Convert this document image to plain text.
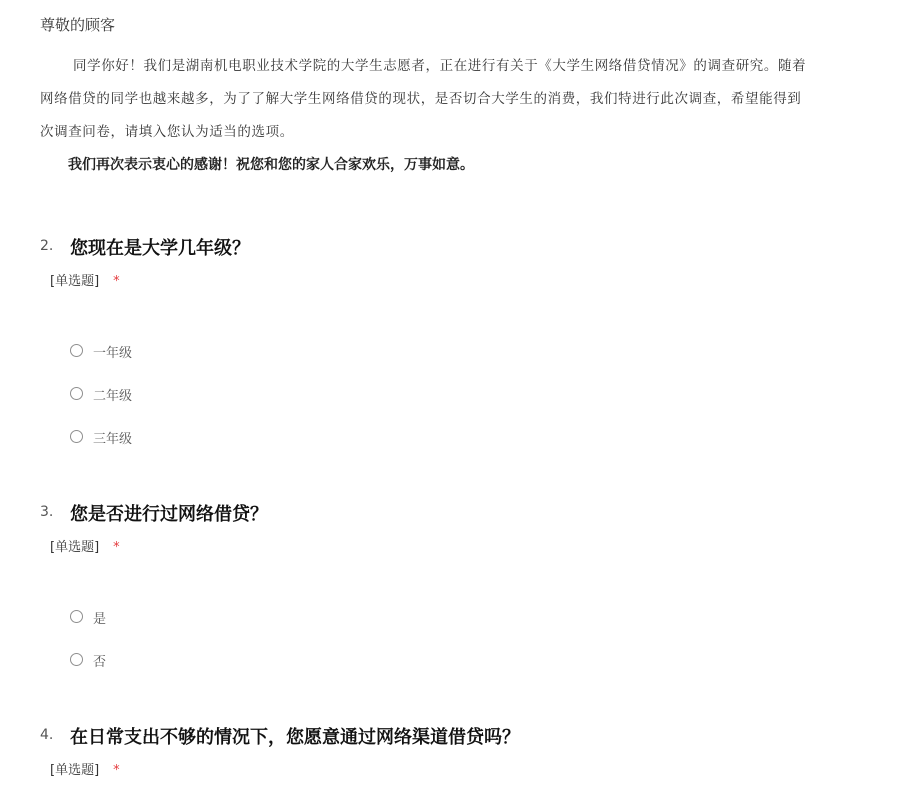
尊敬的顾客
同学你好！我们是湖南机电职业技术学院的大学生志愿者，正在进行有关于《大学生网络借贷情况》的调查研究。随着
网络借贷的同学也越来越多，为了了解大学生网络借贷的现状，是否切合大学生的消费，我们特进行此次调查，希望能得到
次调查问卷，请填入您认为适当的选项。
我们再次表示衷心的感谢！祝您和您的家人合家欢乐，万事如意。
2. 您现在是大学几年级？
[单选题] *
一年级
二年级
三年级
3. 您是否进行过网络借贷？
[单选题] *
是
否
4. 在日常支出不够的情况下，您愿意通过网络渠道借贷吗？
[单选题] *
